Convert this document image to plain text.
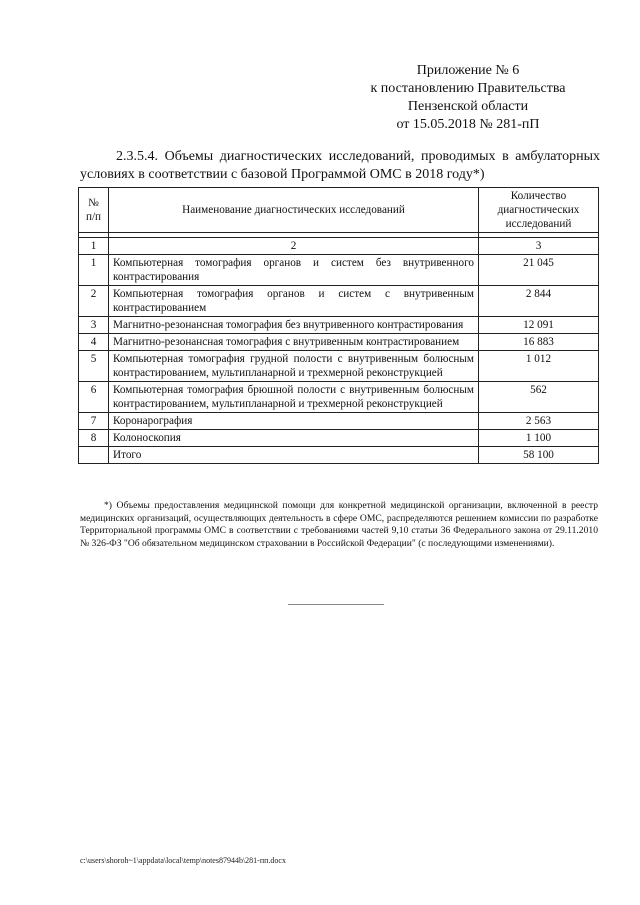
Приложение № 6
к постановлению Правительства
Пензенской области
от 15.05.2018 № 281-пП
2.3.5.4. Объемы диагностических исследований, проводимых в амбулаторных условиях в соответствии с базовой Программой ОМС в 2018 году*)
№ п/п	Наименование диагностических исследований	Количество диагностических исследований

1	2	3
1	Компьютерная томография органов и систем без внутривенного контрастирования	21 045
2	Компьютерная томография органов и систем с внутривенным контрастированием	2 844
3	Магнитно-резонансная томография без внутривенного контрастирования	12 091
4	Магнитно-резонансная томография с внутривенным контрастированием	16 883
5	Компьютерная томография грудной полости с внутривенным болюсным контрастированием, мультипланарной и трехмерной реконструкцией	1 012
6	Компьютерная томография брюшной полости с внутривенным болюсным контрастированием, мультипланарной и трехмерной реконструкцией	562
7	Коронарография	2 563
8	Колоноскопия	1 100
	Итого	58 100
*) Объемы предоставления медицинской помощи для конкретной медицинской организации, включенной в реестр медицинских организаций, осуществляющих деятельность в сфере ОМС, распределяются решением комиссии по разработке Территориальной программы ОМС в соответствии с требованиями частей 9,10 статьи 36 Федерального закона от 29.11.2010 № 326-ФЗ "Об обязательном медицинском страховании в Российской Федерации" (с последующими изменениями).
c:\users\shoroh~1\appdata\local\temp\notes87944b\281-пп.docx
